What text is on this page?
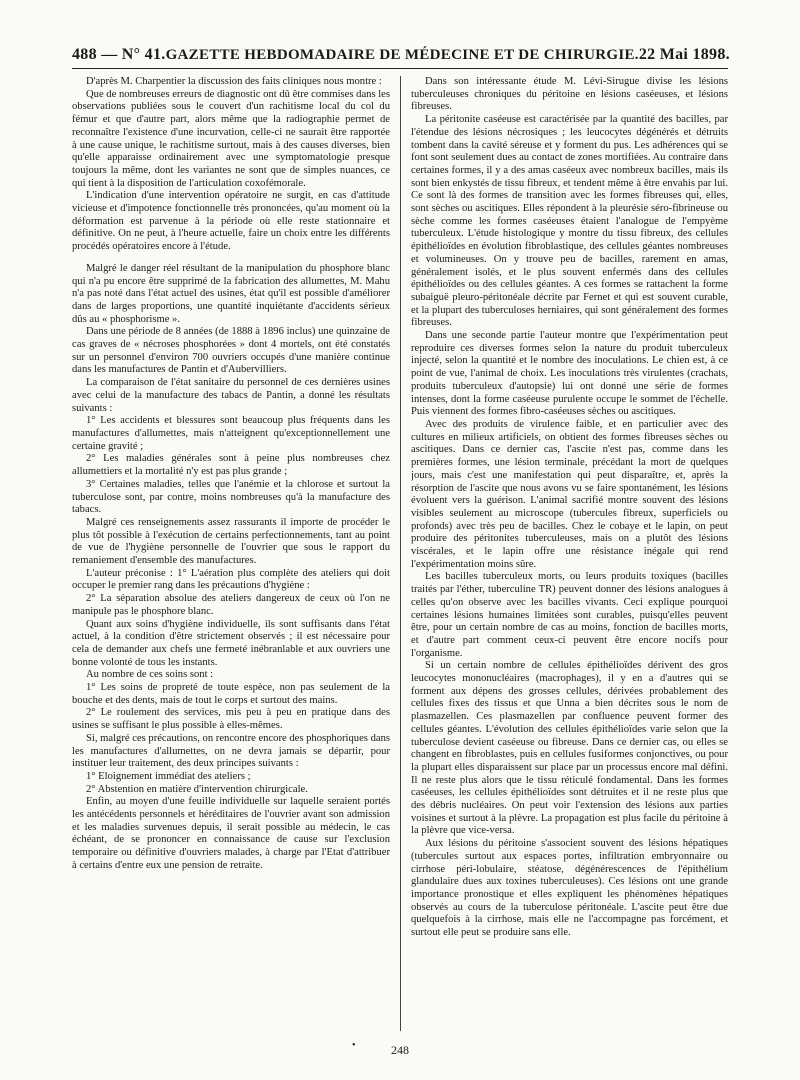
488 — N° 41. GAZETTE HEBDOMADAIRE DE MÉDECINE ET DE CHIRURGIE. 22 Mai 1898.

D'après M. Charpentier la discussion des faits cliniques nous montre :

Que de nombreuses erreurs de diagnostic ont dû être commises dans les observations publiées sous le couvert d'un rachitisme local du col du fémur et que d'autre part, alors même que la radiographie permet de reconnaître l'existence d'une incurvation, celle-ci ne saurait être rapportée à une cause unique, le rachitisme surtout, mais à des causes diverses, bien qu'elle apparaisse ordinairement avec une symptomatologie presque toujours la même, dont les variantes ne sont que de simples nuances, ce qui tient à la disposition de l'articulation coxofémorale.

L'indication d'une intervention opératoire ne surgit, en cas d'attitude vicieuse et d'impotence fonctionnelle très prononcées, qu'au moment où la déformation est parvenue à la période où elle reste stationnaire et définitive. On ne peut, à l'heure actuelle, faire un choix entre les différents procédés opératoires encore à l'étude.

Malgré le danger réel résultant de la manipulation du phosphore blanc qui n'a pu encore être supprimé de la fabrication des allumettes, M. Mahu n'a pas noté dans l'état actuel des usines, état qu'il est possible d'améliorer dans de larges proportions, une quantité inquiétante d'accidents sérieux dûs au « phosphorisme ».

Dans une période de 8 années (de 1888 à 1896 inclus) une quinzaine de cas graves de « nécroses phosphorées » dont 4 mortels, ont été constatés sur un personnel d'environ 700 ouvriers occupés d'une manière continue dans les manufactures de Pantin et d'Aubervilliers.

La comparaison de l'état sanitaire du personnel de ces dernières usines avec celui de la manufacture des tabacs de Pantin, a donné les résultats suivants :

1° Les accidents et blessures sont beaucoup plus fréquents dans les manufactures d'allumettes, mais n'atteignent qu'exceptionnellement une certaine gravité ;

2° Les maladies générales sont à peine plus nombreuses chez allumettiers et la mortalité n'y est pas plus grande ;

3° Certaines maladies, telles que l'anémie et la chlorose et surtout la tuberculose sont, par contre, moins nombreuses qu'à la manufacture des tabacs.

Malgré ces renseignements assez rassurants il importe de procéder le plus tôt possible à l'exécution de certains perfectionnements, tant au point de vue de l'hygiène personnelle de l'ouvrier que sous le rapport du remaniement d'ensemble des manufactures.

L'auteur préconise : 1° L'aération plus complète des ateliers qui doit occuper le premier rang dans les précautions d'hygiène :

2° La séparation absolue des ateliers dangereux de ceux où l'on ne manipule pas le phosphore blanc.

Quant aux soins d'hygiène individuelle, ils sont suffisants dans l'état actuel, à la condition d'être strictement observés ; il est nécessaire pour cela de demander aux chefs une fermeté inébranlable et aux ouvriers une bonne volonté de tous les instants.

Au nombre de ces soins sont :

1° Les soins de propreté de toute espèce, non pas seulement de la bouche et des dents, mais de tout le corps et surtout des mains.

2° Le roulement des services, mis peu à peu en pratique dans des usines se suffisant le plus possible à elles-mêmes.

Si, malgré ces précautions, on rencontre encore des phosphoriques dans les manufactures d'allumettes, on ne devra jamais se départir, pour instituer leur traitement, des deux principes suivants :

1° Eloignement immédiat des ateliers ;

2° Abstention en matière d'intervention chirurgicale.

Enfin, au moyen d'une feuille individuelle sur laquelle seraient portés les antécédents personnels et héréditaires de l'ouvrier avant son admission et les maladies survenues depuis, il serait possible au médecin, le cas échéant, de se prononcer en connaissance de cause sur l'exclusion temporaire ou définitive d'ouvriers malades, à charge par l'Etat d'attribuer à certains d'entre eux une pension de retraite.

Dans son intéressante étude M. Lévi-Sirugue divise les lésions tuberculeuses chroniques du péritoine en lésions caséeuses, et lésions fibreuses.

La péritonite caséeuse est caractérisée par la quantité des bacilles, par l'étendue des lésions nécrosiques ; les leucocytes dégénérés et détruits tombent dans la cavité séreuse et y forment du pus. Les adhérences qui se font sont seulement dues au contact de zones mortifiées. Au contraire dans certaines formes, il y a des amas caséeux avec nombreux bacilles, mais ils sont bien enkystés de tissu fibreux, et tendent même à être envahis par lui. Ce sont là des formes de transition avec les formes fibreuses qui, elles, sont sèches ou ascitiques. Elles répondent à la pleurésie séro-fibrineuse ou sèche comme les formes caséeuses étaient l'analogue de l'empyème tuberculeux. L'étude histologique y montre du tissu fibreux, des cellules épithélioïdes en évolution fibroblastique, des cellules géantes nombreuses et volumineuses. On y trouve peu de bacilles, rarement en amas, généralement isolés, et le plus souvent enfermés dans des cellules épithélioïdes ou des cellules géantes. A ces formes se rattachent la forme subaiguë pleuro-péritonéale décrite par Fernet et qui est souvent curable, et la plupart des tuberculoses herniaires, qui sont généralement des formes fibreuses.

Dans une seconde partie l'auteur montre que l'expérimentation peut reproduire ces diverses formes selon la nature du produit tuberculeux injecté, selon la quantité et le nombre des inoculations. Le chien est, à ce point de vue, l'animal de choix. Les inoculations très virulentes (crachats, produits tuberculeux d'autopsie) lui ont donné une série de formes intenses, dont la forme caséeuse purulente occupe le sommet de l'échelle. Puis viennent des formes fibro-caséeuses sèches ou ascitiques.

Avec des produits de virulence faible, et en particulier avec des cultures en milieux artificiels, on obtient des formes fibreuses sèches ou ascitiques. Dans ce dernier cas, l'ascite n'est pas, comme dans les premières formes, une lésion terminale, précédant la mort de quelques jours, mais c'est une manifestation qui peut disparaître, et, après la résorption de l'ascite que nous avons vu se faire spontanément, les lésions évoluent vers la guérison. L'animal sacrifié montre souvent des lésions visibles seulement au microscope (tubercules fibreux, superficiels ou profonds) avec très peu de bacilles. Chez le cobaye et le lapin, on peut produire des péritonites tuberculeuses, mais on a plutôt des lésions viscérales, et le lapin offre une résistance inégale qui rend l'expérimentation moins sûre.

Les bacilles tuberculeux morts, ou leurs produits toxiques (bacilles traités par l'éther, tuberculine TR) peuvent donner des lésions analogues à celles qu'on observe avec les bacilles vivants. Ceci explique pourquoi certaines lésions humaines limitées sont curables, puisqu'elles peuvent être, pour un certain nombre de cas au moins, fonction de bacilles morts, et d'autre part comment ceux-ci peuvent être encore nocifs pour l'organisme.

Si un certain nombre de cellules épithélioïdes dérivent des gros leucocytes mononucléaires (macrophages), il y en a d'autres qui se forment aux dépens des grosses cellules, dérivées probablement des cellules fixes des tissus et que Unna a bien décrites sous le nom de plasmazellen. Ces plasmazellen par confluence peuvent former des cellules géantes. L'évolution des cellules épithélioïdes varie selon que la tuberculose devient caséeuse ou fibreuse. Dans ce dernier cas, ou elles se changent en fibroblastes, puis en cellules fusiformes conjonctives, ou pour la plupart elles disparaissent sur place par un processus encore mal défini. Il ne reste plus alors que le tissu réticulé fondamental. Dans les formes caséeuses, les cellules épithélioïdes sont détruites et il ne reste plus que des débris nucléaires. On peut voir l'extension des lésions aux parties voisines et surtout à la plèvre. La propagation est plus facile du péritoine à la plèvre que vice-versa.

Aux lésions du péritoine s'associent souvent des lésions hépatiques (tubercules surtout aux espaces portes, infiltration embryonnaire ou cirrhose péri-lobulaire, stéatose, dégénérescences de l'épithélium glandulaire dues aux toxines tuberculeuses). Ces lésions ont une grande importance pronostique et elles expliquent les phénomènes hépatiques observés au cours de la tuberculose péritonéale. L'ascite peut être due quelquefois à la cirrhose, mais elle ne l'accompagne pas forcément, et surtout elle peut se produire sans elle.

•	248
